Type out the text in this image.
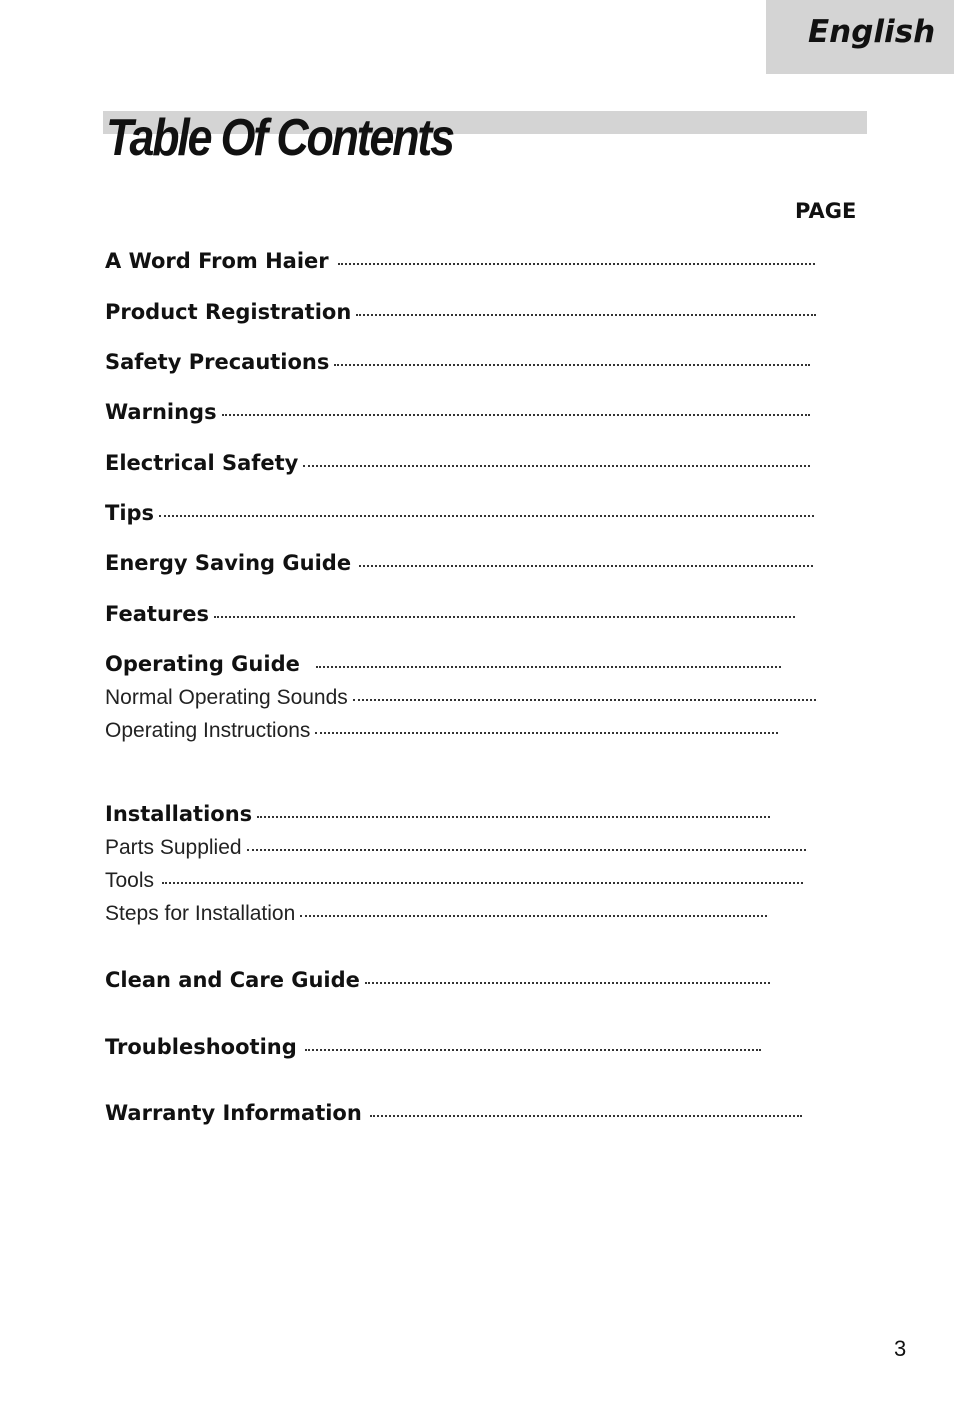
English
Table Of Contents
PAGE
A Word From Haier
Product Registration
Safety Precautions
Warnings
Electrical Safety
Tips
Energy Saving Guide
Features
Operating Guide
Normal Operating Sounds
Operating Instructions
Installations
Parts Supplied
Tools
Steps for Installation
Clean and Care Guide
Troubleshooting
Warranty Information
3
